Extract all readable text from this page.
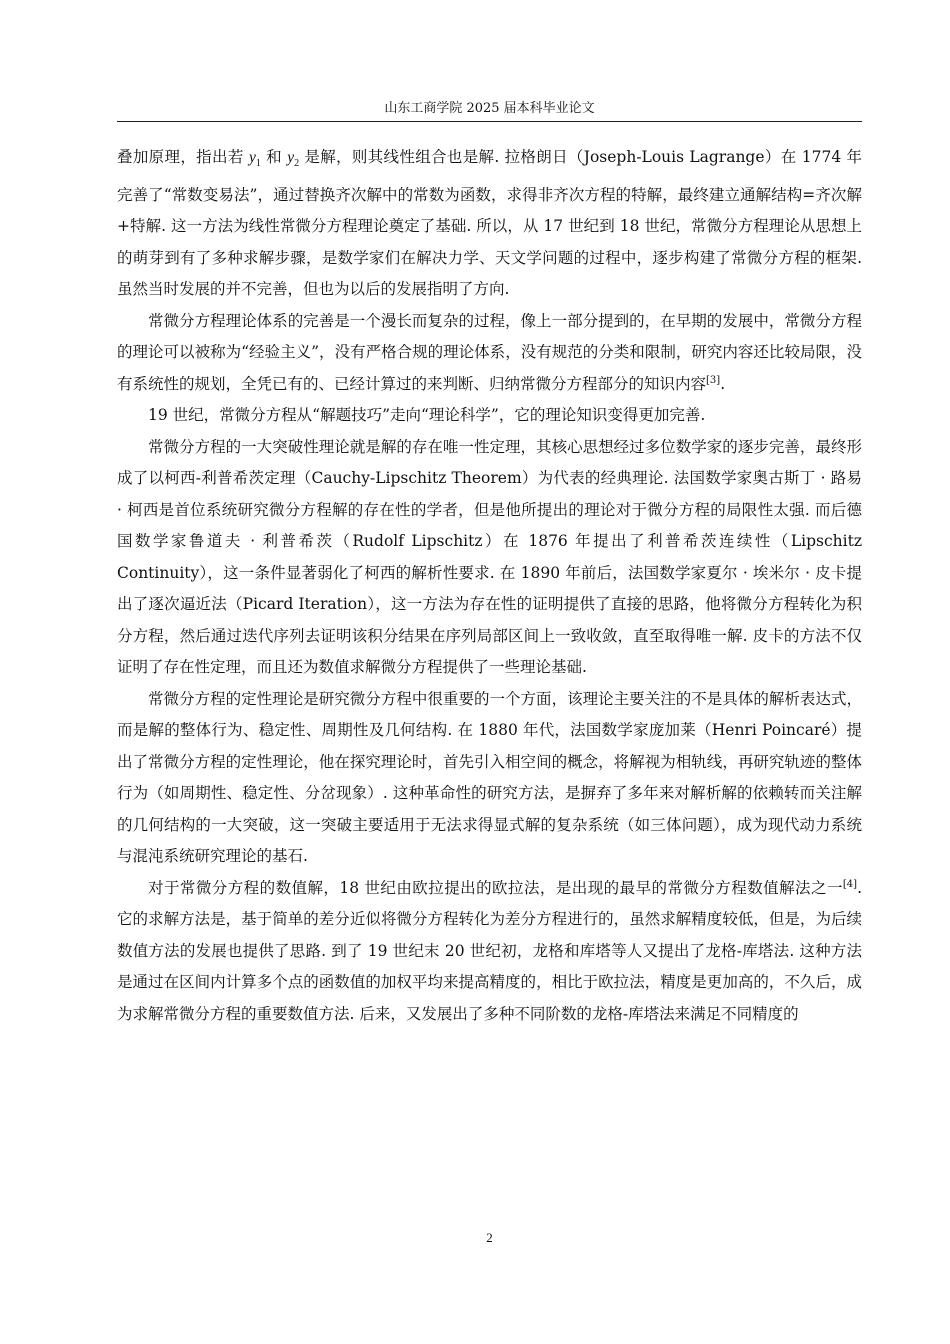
山东工商学院 2025 届本科毕业论文

叠加原理，指出若 $y_1$ 和 $y_2$ 是解，则其线性组合也是解. 拉格朗日（Joseph-Louis Lagrange）在 1774 年完善了“常数变易法”，通过替换齐次解中的常数为函数，求得非齐次方程的特解，最终建立通解结构=齐次解+特解. 这一方法为线性常微分方程理论奠定了基础. 所以，从 17 世纪到 18 世纪，常微分方程理论从思想上的萌芽到有了多种求解步骤，是数学家们在解决力学、天文学问题的过程中，逐步构建了常微分方程的框架. 虽然当时发展的并不完善，但也为以后的发展指明了方向.

常微分方程理论体系的完善是一个漫长而复杂的过程，像上一部分提到的，在早期的发展中，常微分方程的理论可以被称为“经验主义”，没有严格合规的理论体系，没有规范的分类和限制，研究内容还比较局限，没有系统性的规划，全凭已有的、已经计算过的来判断、归纳常微分方程部分的知识内容[3].

19 世纪，常微分方程从“解题技巧”走向“理论科学”，它的理论知识变得更加完善.

常微分方程的一大突破性理论就是解的存在唯一性定理，其核心思想经过多位数学家的逐步完善，最终形成了以柯西-利普希茨定理（Cauchy-Lipschitz Theorem）为代表的经典理论. 法国数学家奥古斯丁 · 路易 · 柯西是首位系统研究微分方程解的存在性的学者，但是他所提出的理论对于微分方程的局限性太强. 而后德国数学家鲁道夫 · 利普希茨（Rudolf Lipschitz）在 1876 年提出了利普希茨连续性（Lipschitz Continuity），这一条件显著弱化了柯西的解析性要求. 在 1890 年前后，法国数学家夏尔 · 埃米尔 · 皮卡提出了逐次逼近法（Picard Iteration），这一方法为存在性的证明提供了直接的思路，他将微分方程转化为积分方程，然后通过迭代序列去证明该积分结果在序列局部区间上一致收敛，直至取得唯一解. 皮卡的方法不仅证明了存在性定理，而且还为数值求解微分方程提供了一些理论基础.

常微分方程的定性理论是研究微分方程中很重要的一个方面，该理论主要关注的不是具体的解析表达式，而是解的整体行为、稳定性、周期性及几何结构. 在 1880 年代，法国数学家庞加莱（Henri Poincaré）提出了常微分方程的定性理论，他在探究理论时，首先引入相空间的概念，将解视为相轨线，再研究轨迹的整体行为（如周期性、稳定性、分岔现象）. 这种革命性的研究方法，是摒弃了多年来对解析解的依赖转而关注解的几何结构的一大突破，这一突破主要适用于无法求得显式解的复杂系统（如三体问题），成为现代动力系统与混沌系统研究理论的基石.

对于常微分方程的数值解，18 世纪由欧拉提出的欧拉法，是出现的最早的常微分方程数值解法之一[4]. 它的求解方法是，基于简单的差分近似将微分方程转化为差分方程进行的，虽然求解精度较低，但是，为后续数值方法的发展也提供了思路. 到了 19 世纪末 20 世纪初，龙格和库塔等人又提出了龙格-库塔法. 这种方法是通过在区间内计算多个点的函数值的加权平均来提高精度的，相比于欧拉法，精度是更加高的，不久后，成为求解常微分方程的重要数值方法. 后来，又发展出了多种不同阶数的龙格-库塔法来满足不同精度的

2
